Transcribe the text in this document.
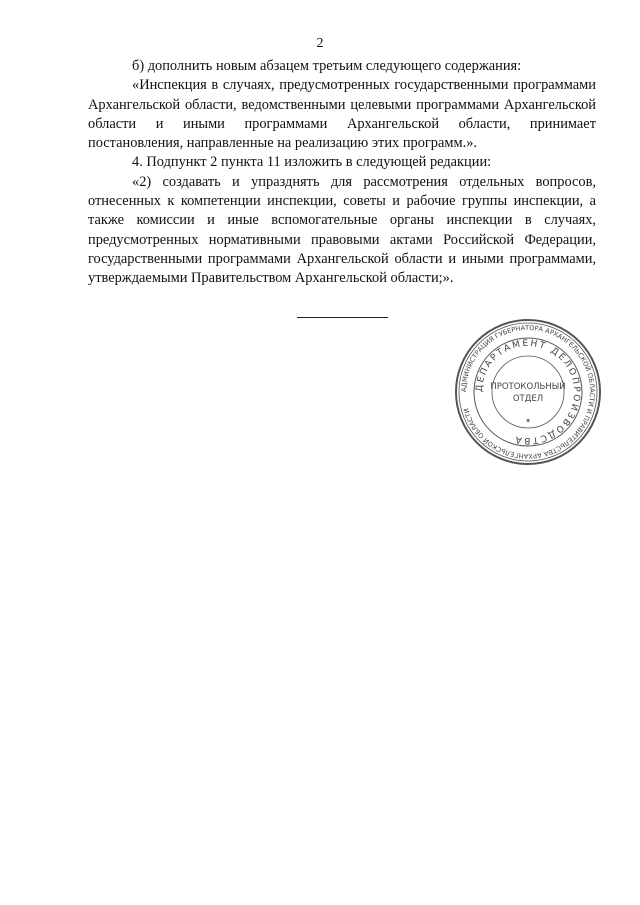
2

б) дополнить новым абзацем третьим следующего содержания:

«Инспекция в случаях, предусмотренных государственными программами Архангельской области, ведомственными целевыми программами Архангельской области и иными программами Архангельской области, принимает постановления, направленные на реализацию этих программ.».

4. Подпункт 2 пункта 11 изложить в следующей редакции:

«2) создавать и упразднять для рассмотрения отдельных вопросов, отнесенных к компетенции инспекции, советы и рабочие группы инспекции, а также комиссии и иные вспомогательные органы инспекции в случаях, предусмотренных нормативными правовыми актами Российской Федерации, государственными программами Архангельской области и иными программами, утверждаемыми Правительством Архангельской области;».

АДМИНИСТРАЦИЯ ГУБЕРНАТОРА АРХАНГЕЛЬСКОЙ ОБЛАСТИ И ПРАВИТЕЛЬСТВА АРХАНГЕЛЬСКОЙ ОБЛАСТИ
ДЕПАРТАМЕНТ ДЕЛОПРОИЗВОДСТВА
ПРОТОКОЛЬНЫЙ
ОТДЕЛ
✶
